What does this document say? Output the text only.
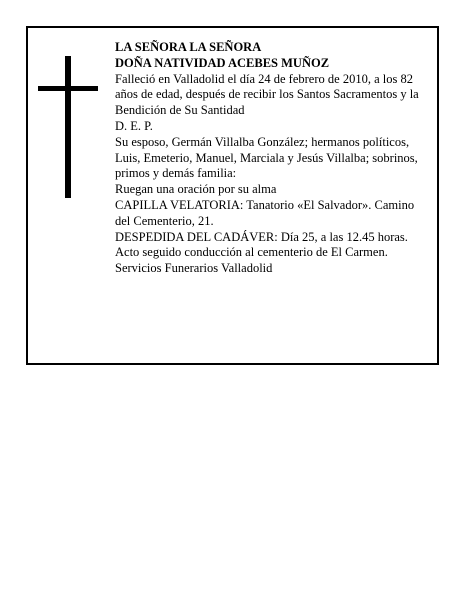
LA SEÑORA LA SEÑORA

DOÑA NATIVIDAD ACEBES MUÑOZ

Falleció en Valladolid el día 24 de febrero de 2010, a los 82 años de edad, después de recibir los Santos Sacramentos y la Bendición de Su Santidad

D. E. P.

Su esposo, Germán Villalba González; hermanos políticos, Luis, Emeterio, Manuel, Marciala y Jesús Villalba; sobrinos, primos y demás familia:

Ruegan una oración por su alma

CAPILLA VELATORIA: Tanatorio «El Salvador». Camino del Cementerio, 21.

DESPEDIDA DEL CADÁVER: Día 25, a las 12.45 horas. Acto seguido conducción al cementerio de El Carmen.

Servicios Funerarios Valladolid
